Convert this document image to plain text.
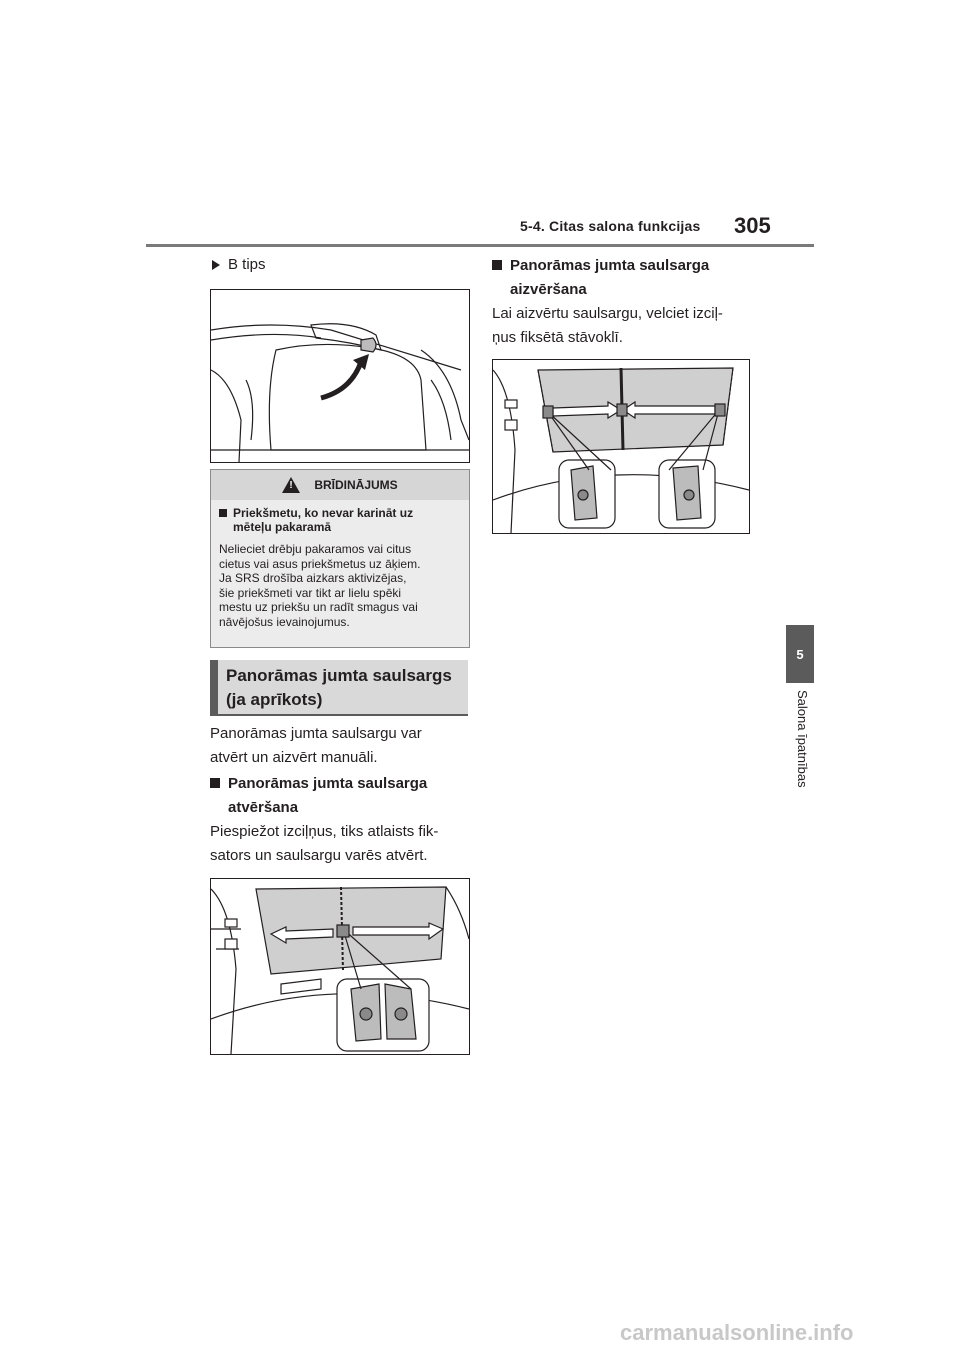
5-4. Citas salona funkcijas 305
5
Salona īpatnības
B tips
!
BRĪDINĀJUMS
Priekšmetu, ko nevar karināt uz
mēteļu pakaramā
Nelieciet drēbju pakaramos vai citus
cietus vai asus priekšmetus uz āķiem.
Ja SRS drošība aizkars aktivizējas,
šie priekšmeti var tikt ar lielu spēki
mestu uz priekšu un radīt smagus vai
nāvējošus ievainojumus.
Panorāmas jumta saulsargs
(ja aprīkots)
Panorāmas jumta saulsargu var
atvērt un aizvērt manuāli.
Panorāmas jumta saulsarga
atvēršana
Piespiežot izciļņus, tiks atlaists fik-
sators un saulsargu varēs atvērt.
Panorāmas jumta saulsarga
aizvēršana
Lai aizvērtu saulsargu, velciet izciļ-
ņus fiksētā stāvoklī.
carmanualsonline.info
